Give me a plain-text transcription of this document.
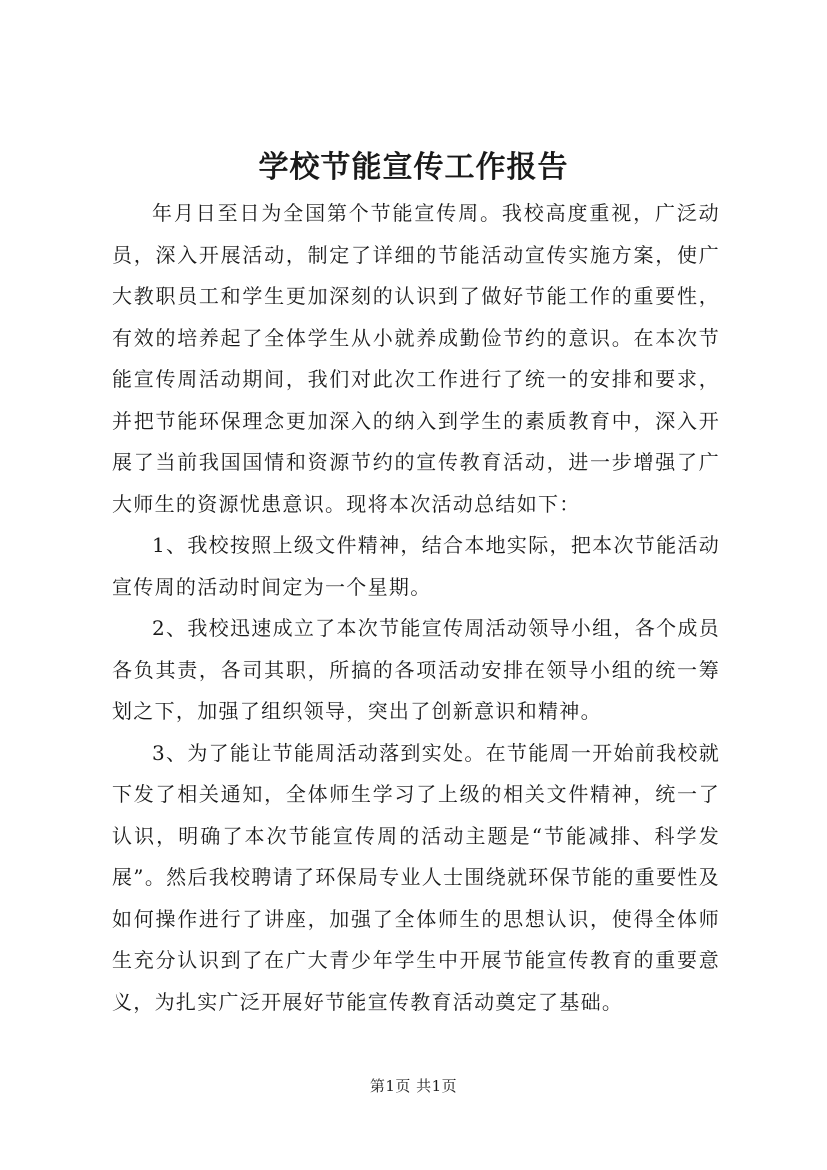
学校节能宣传工作报告

年月日至日为全国第个节能宣传周。我校高度重视，广泛动员，深入开展活动，制定了详细的节能活动宣传实施方案，使广大教职员工和学生更加深刻的认识到了做好节能工作的重要性，有效的培养起了全体学生从小就养成勤俭节约的意识。在本次节能宣传周活动期间，我们对此次工作进行了统一的安排和要求，并把节能环保理念更加深入的纳入到学生的素质教育中，深入开展了当前我国国情和资源节约的宣传教育活动，进一步增强了广大师生的资源忧患意识。现将本次活动总结如下：

1、我校按照上级文件精神，结合本地实际，把本次节能活动宣传周的活动时间定为一个星期。

2、我校迅速成立了本次节能宣传周活动领导小组，各个成员各负其责，各司其职，所搞的各项活动安排在领导小组的统一筹划之下，加强了组织领导，突出了创新意识和精神。

3、为了能让节能周活动落到实处。在节能周一开始前我校就下发了相关通知，全体师生学习了上级的相关文件精神，统一了认识，明确了本次节能宣传周的活动主题是“节能减排、科学发展”。然后我校聘请了环保局专业人士围绕就环保节能的重要性及如何操作进行了讲座，加强了全体师生的思想认识，使得全体师生充分认识到了在广大青少年学生中开展节能宣传教育的重要意义，为扎实广泛开展好节能宣传教育活动奠定了基础。

第1页 共1页
